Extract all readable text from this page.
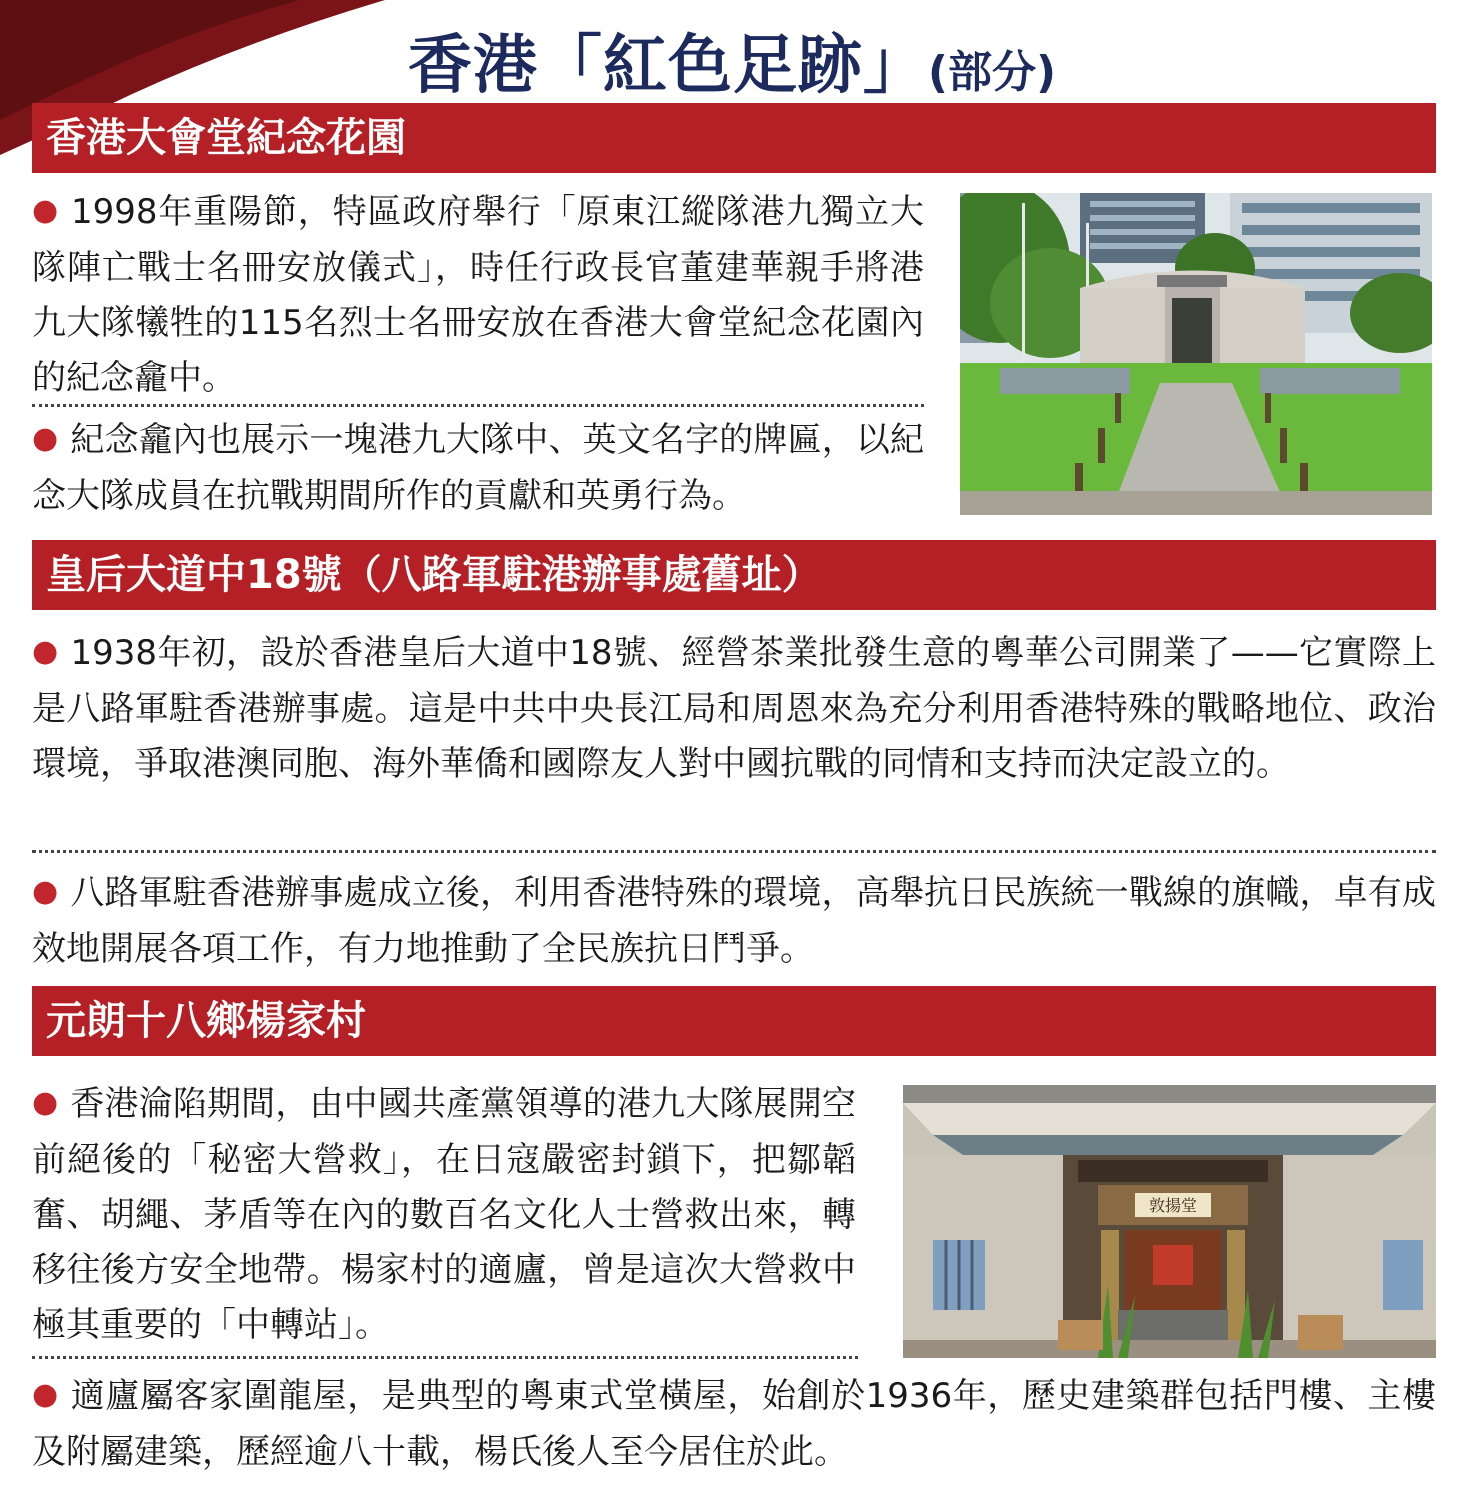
香港「紅色足跡」(部分)
香港大會堂紀念花園

● 1998年重陽節，特區政府舉行「原東江縱隊港九獨立大隊陣亡戰士名冊安放儀式」，時任行政長官董建華親手將港九大隊犧牲的115名烈士名冊安放在香港大會堂紀念花園內的紀念龕中。

● 紀念龕內也展示一塊港九大隊中、英文名字的牌匾，以紀念大隊成員在抗戰期間所作的貢獻和英勇行為。

皇后大道中18號（八路軍駐港辦事處舊址）

● 1938年初，設於香港皇后大道中18號、經營茶業批發生意的粵華公司開業了——它實際上是八路軍駐香港辦事處。這是中共中央長江局和周恩來為充分利用香港特殊的戰略地位、政治環境，爭取港澳同胞、海外華僑和國際友人對中國抗戰的同情和支持而決定設立的。

● 八路軍駐香港辦事處成立後，利用香港特殊的環境，高舉抗日民族統一戰線的旗幟，卓有成效地開展各項工作，有力地推動了全民族抗日鬥爭。

元朗十八鄉楊家村

● 香港淪陷期間，由中國共產黨領導的港九大隊展開空前絕後的「秘密大營救」，在日寇嚴密封鎖下，把鄒韜奮、胡繩、茅盾等在內的數百名文化人士營救出來，轉移往後方安全地帶。楊家村的適廬，曾是這次大營救中極其重要的「中轉站」。

● 適廬屬客家圍龍屋，是典型的粵東式堂橫屋，始創於1936年，歷史建築群包括門樓、主樓及附屬建築，歷經逾八十載，楊氏後人至今居住於此。

敦揚堂
